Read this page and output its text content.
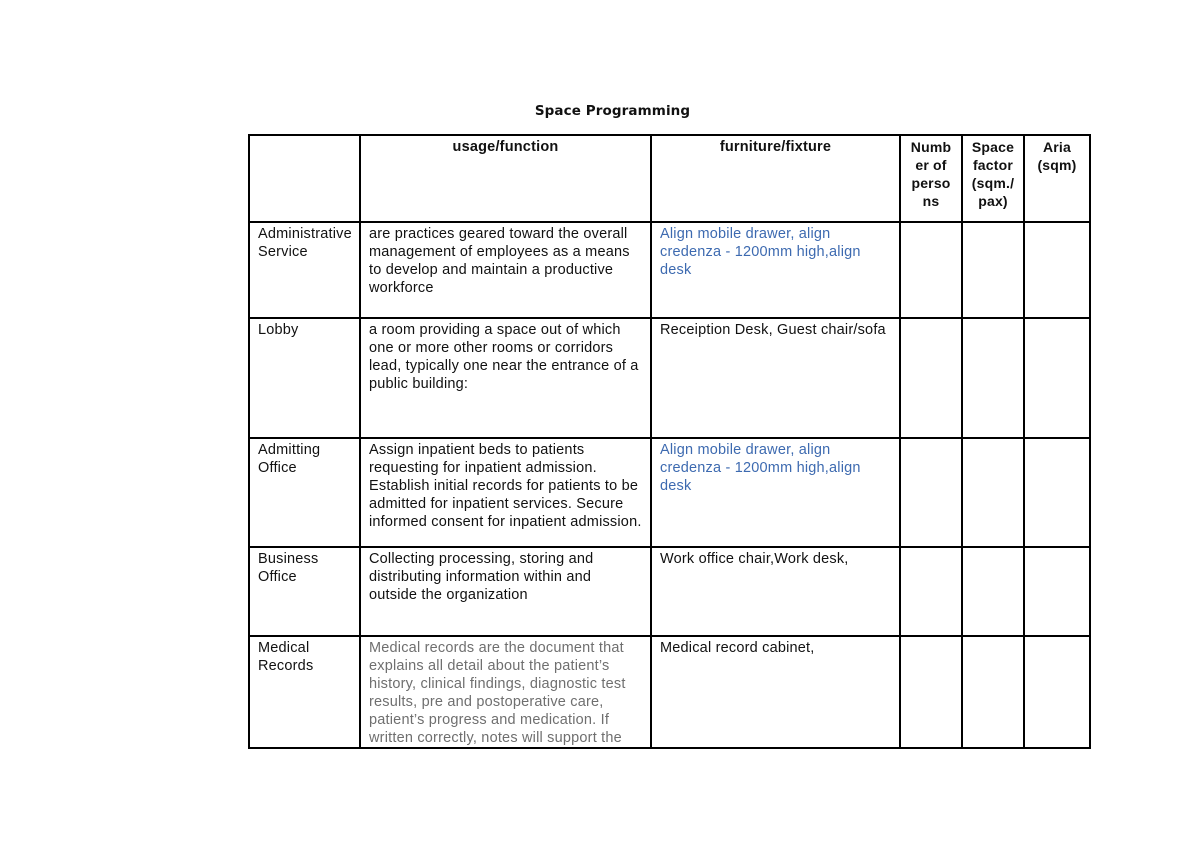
Space Programming
	usage/function	furniture/fixture	Numb er of perso ns	Space factor (sqm./ pax)	Aria (sqm)
Administrative Service	are practices geared toward the overall management of employees as a means to develop and maintain a productive workforce	Align mobile drawer, align credenza - 1200mm high,align desk			
Lobby	a room providing a space out of which one or more other rooms or corridors lead, typically one near the entrance of a public building:	Receiption Desk, Guest chair/sofa			
Admitting Office	Assign inpatient beds to patients requesting for inpatient admission. Establish initial records for patients to be admitted for inpatient services. Secure informed consent for inpatient admission.	Align mobile drawer, align credenza - 1200mm high,align desk			
Business Office	Collecting processing, storing and distributing information within and outside the organization	Work office chair,Work desk,			
Medical Records	Medical records are the document that explains all detail about the patient’s history, clinical findings, diagnostic test results, pre and postoperative care, patient’s progress and medication. If written correctly, notes will support the	Medical record cabinet,			
